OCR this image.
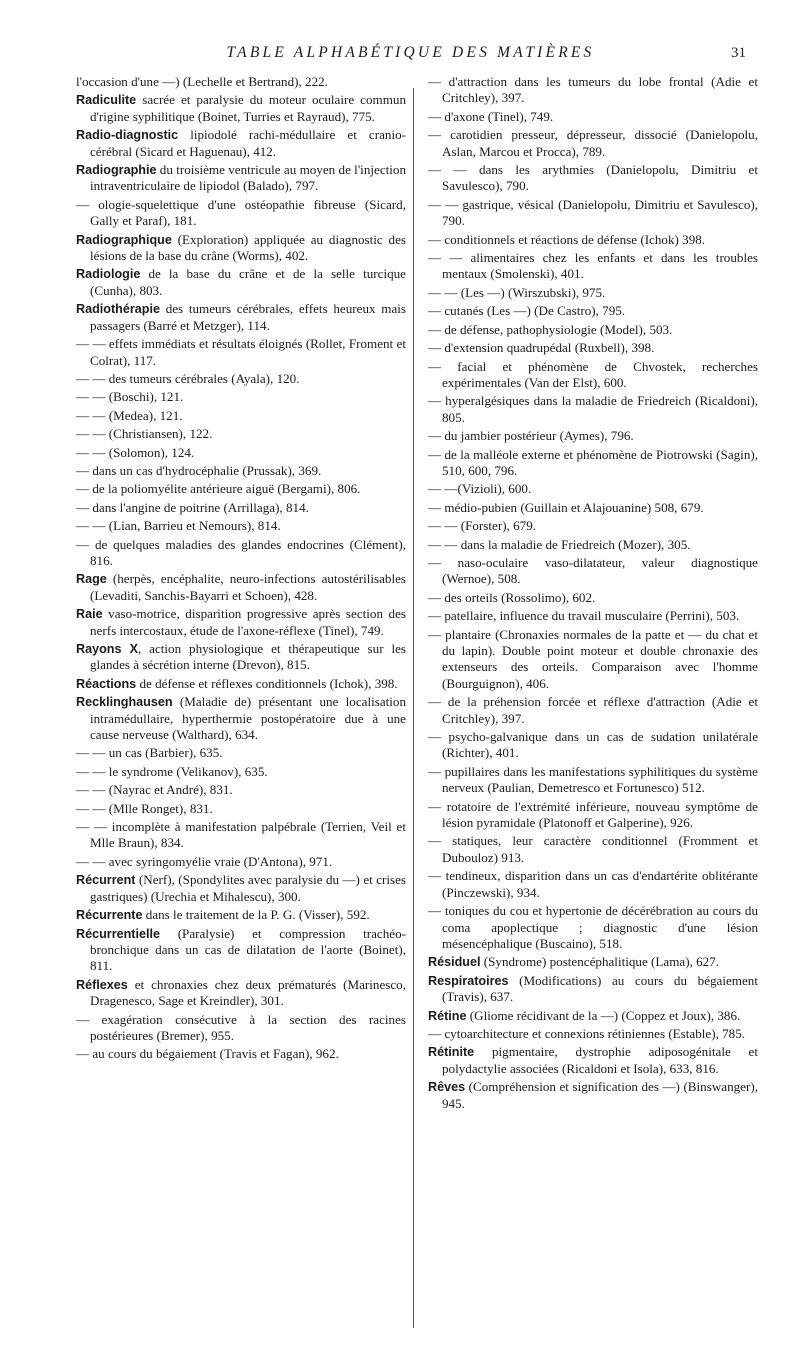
TABLE ALPHABÉTIQUE DES MATIÈRES	31

l'occasion d'une —) (Lechelle et Bertrand), 222.

Radiculite sacrée et paralysie du moteur oculaire commun d'rigine syphilitique (Boinet, Turries et Rayraud), 775.

Radio-diagnostic lipiodolé rachi-médullaire et cranio-cérébral (Sicard et Haguenau), 412.

Radiographie du troisième ventricule au moyen de l'injection intraventriculaire de lipiodol (Balado), 797.

— ologie-squelettique d'une ostéopathie fibreuse (Sicard, Gally et Paraf), 181.

Radiographique (Exploration) appliquée au diagnostic des lésions de la base du crâne (Worms), 402.

Radiologie de la base du crâne et de la selle turcique (Cunha), 803.

Radiothérapie des tumeurs cérébrales, effets heureux mais passagers (Barré et Metzger), 114.

— — effets immédiats et résultats éloignés (Rollet, Froment et Colrat), 117.

— — des tumeurs cérébrales (Ayala), 120.

— — (Boschi), 121.

— — (Medea), 121.

— — (Christiansen), 122.

— — (Solomon), 124.

— dans un cas d'hydrocéphalie (Prussak), 369.

— de la poliomyélite antérieure aiguë (Bergami), 806.

— dans l'angine de poitrine (Arrillaga), 814.

— — (Lian, Barrieu et Nemours), 814.

— de quelques maladies des glandes endocrines (Clément), 816.

Rage (herpès, encéphalite, neuro-infections autostérilisables (Levaditi, Sanchis-Bayarri et Schoen), 428.

Raie vaso-motrice, disparition progressive après section des nerfs intercostaux, étude de l'axone-réflexe (Tinel), 749.

Rayons X, action physiologique et thérapeutique sur les glandes à sécrétion interne (Drevon), 815.

Réactions de défense et réflexes conditionnels (Ichok), 398.

Recklinghausen (Maladie de) présentant une localisation intramédullaire, hyperthermie postopératoire due à une cause nerveuse (Walthard), 634.

— — un cas (Barbier), 635.

— — le syndrome (Velikanov), 635.

— — (Nayrac et André), 831.

— — (Mlle Ronget), 831.

— — incomplète à manifestation palpébrale (Terrien, Veil et Mlle Braun), 834.

— — avec syringomyélie vraie (D'Antona), 971.

Récurrent (Nerf), (Spondylites avec paralysie du —) et crises gastriques) (Urechia et Mihalescu), 300.

Récurrente dans le traitement de la P. G. (Visser), 592.

Récurrentielle (Paralysie) et compression trachéo-bronchique dans un cas de dilatation de l'aorte (Boinet), 811.

Réflexes et chronaxies chez deux prématurés (Marinesco, Dragenesco, Sage et Kreindler), 301.

— exagération consécutive à la section des racines postérieures (Bremer), 955.

— au cours du bégaiement (Travis et Fagan), 962.

— d'attraction dans les tumeurs du lobe frontal (Adie et Critchley), 397.

— d'axone (Tinel), 749.

— carotidien presseur, dépresseur, dissocié (Danielopolu, Aslan, Marcou et Procca), 789.

— — dans les arythmies (Danielopolu, Dimitriu et Savulesco), 790.

— — gastrique, vésical (Danielopolu, Dimitriu et Savulesco), 790.

— conditionnels et réactions de défense (Ichok) 398.

— — alimentaires chez les enfants et dans les troubles mentaux (Smolenski), 401.

— — (Les —) (Wirszubski), 975.

— cutanés (Les —) (De Castro), 795.

— de défense, pathophysiologie (Model), 503.

— d'extension quadrupédal (Ruxbell), 398.

— facial et phénomène de Chvostek, recherches expérimentales (Van der Elst), 600.

— hyperalgésiques dans la maladie de Friedreich (Ricaldoni), 805.

— du jambier postérieur (Aymes), 796.

— de la malléole externe et phénomène de Piotrowski (Sagin), 510, 600, 796.

— —(Vizioli), 600.

— médio-pubien (Guillain et Alajouanine) 508, 679.

— — (Forster), 679.

— — dans la maladie de Friedreich (Mozer), 305.

— naso-oculaire vaso-dilatateur, valeur diagnostique (Wernoe), 508.

— des orteils (Rossolimo), 602.

— patellaire, influence du travail musculaire (Perrini), 503.

— plantaire (Chronaxies normales de la patte et — du chat et du lapin). Double point moteur et double chronaxie des extenseurs des orteils. Comparaison avec l'homme (Bourguignon), 406.

— de la préhension forcée et réflexe d'attraction (Adie et Critchley), 397.

— psycho-galvanique dans un cas de sudation unilatérale (Richter), 401.

— pupillaires dans les manifestations syphilitiques du système nerveux (Paulian, Demetresco et Fortunesco) 512.

— rotatoire de l'extrémité inférieure, nouveau symptôme de lésion pyramidale (Platonoff et Galperine), 926.

— statiques, leur caractère conditionnel (Fromment et Dubouloz) 913.

— tendineux, disparition dans un cas d'endartérite oblitérante (Pinczewski), 934.

— toniques du cou et hypertonie de décérébration au cours du coma apoplectique ; diagnostic d'une lésion mésencéphalique (Buscaino), 518.

Résiduel (Syndrome) postencéphalitique (Lama), 627.

Respiratoires (Modifications) au cours du bégaiement (Travis), 637.

Rétine (Gliome récidivant de la —) (Coppez et Joux), 386.

— cytoarchitecture et connexions rétiniennes (Estable), 785.

Rétinite pigmentaire, dystrophie adiposogénitale et polydactylie associées (Ricaldoni et Isola), 633, 816.

Rêves (Compréhension et signification des —) (Binswanger), 945.
